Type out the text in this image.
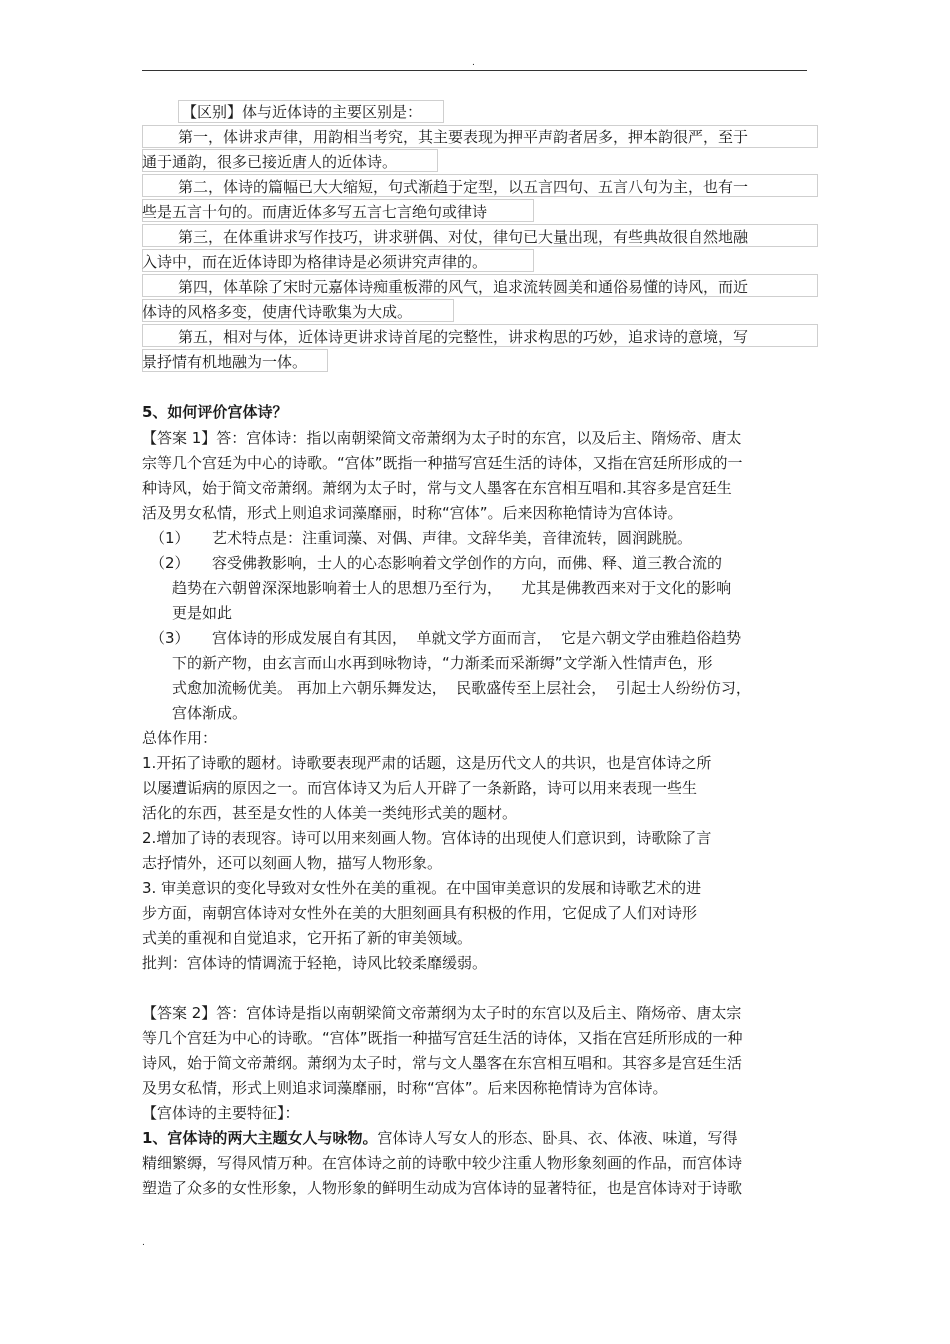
.
【区别】体与近体诗的主要区别是：
第一，体讲求声律，用韵相当考究，其主要表现为押平声韵者居多，押本韵很严，至于
通于通韵，很多已接近唐人的近体诗。
第二，体诗的篇幅已大大缩短，句式渐趋于定型，以五言四句、五言八句为主，也有一
些是五言十句的。而唐近体多写五言七言绝句或律诗
第三，在体重讲求写作技巧，讲求骈偶、对仗，律句已大量出现，有些典故很自然地融
入诗中，而在近体诗即为格律诗是必须讲究声律的。
第四，体革除了宋时元嘉体诗痴重板滞的风气，追求流转圆美和通俗易懂的诗风，而近
体诗的风格多变，使唐代诗歌集为大成。
第五，相对与体，近体诗更讲求诗首尾的完整性，讲求构思的巧妙，追求诗的意境，写
景抒情有机地融为一体。
5、如何评价宫体诗？
【答案 1】答：宫体诗：指以南朝梁简文帝萧纲为太子时的东宫，以及后主、隋炀帝、唐太
宗等几个宫廷为中心的诗歌。“宫体”既指一种描写宫廷生活的诗体，又指在宫廷所形成的一
种诗风，始于简文帝萧纲。萧纲为太子时，常与文人墨客在东宫相互唱和.其容多是宫廷生
活及男女私情，形式上则追求词藻靡丽，时称“宫体”。后来因称艳情诗为宫体诗。
（1） 艺术特点是：注重词藻、对偶、声律。文辞华美，音律流转，圆润跳脱。
（2） 容受佛教影响，士人的心态影响着文学创作的方向，而佛、释、道三教合流的
趋势在六朝曾深深地影响着士人的思想乃至行为，    尤其是佛教西来对于文化的影响
更是如此
（3） 宫体诗的形成发展自有其因，  单就文学方面而言，  它是六朝文学由雅趋俗趋势
下的新产物，由玄言而山水再到咏物诗，“力渐柔而采渐缛”文学渐入性情声色，形
式愈加流畅优美。 再加上六朝乐舞发达，  民歌盛传至上层社会，  引起士人纷纷仿习，
宫体渐成。
总体作用：
1.开拓了诗歌的题材。诗歌要表现严肃的话题，这是历代文人的共识，也是宫体诗之所
以屡遭诟病的原因之一。而宫体诗又为后人开辟了一条新路，诗可以用来表现一些生
活化的东西，甚至是女性的人体美一类纯形式美的题材。
2.增加了诗的表现容。诗可以用来刻画人物。宫体诗的出现使人们意识到，诗歌除了言
志抒情外，还可以刻画人物，描写人物形象。
3. 审美意识的变化导致对女性外在美的重视。在中国审美意识的发展和诗歌艺术的进
步方面，南朝宫体诗对女性外在美的大胆刻画具有积极的作用，它促成了人们对诗形
式美的重视和自觉追求，它开拓了新的审美领域。
批判：宫体诗的情调流于轻艳，诗风比较柔靡缓弱。
【答案 2】答：宫体诗是指以南朝梁简文帝萧纲为太子时的东宫以及后主、隋炀帝、唐太宗
等几个宫廷为中心的诗歌。“宫体”既指一种描写宫廷生活的诗体，又指在宫廷所形成的一种
诗风，始于简文帝萧纲。萧纲为太子时，常与文人墨客在东宫相互唱和。其容多是宫廷生活
及男女私情，形式上则追求词藻靡丽，时称“宫体”。后来因称艳情诗为宫体诗。
【宫体诗的主要特征】：
1、宫体诗的两大主题女人与咏物。宫体诗人写女人的形态、卧具、衣、体液、味道，写得
精细繁缛，写得风情万种。在宫体诗之前的诗歌中较少注重人物形象刻画的作品，而宫体诗
塑造了众多的女性形象，人物形象的鲜明生动成为宫体诗的显著特征，也是宫体诗对于诗歌
.
